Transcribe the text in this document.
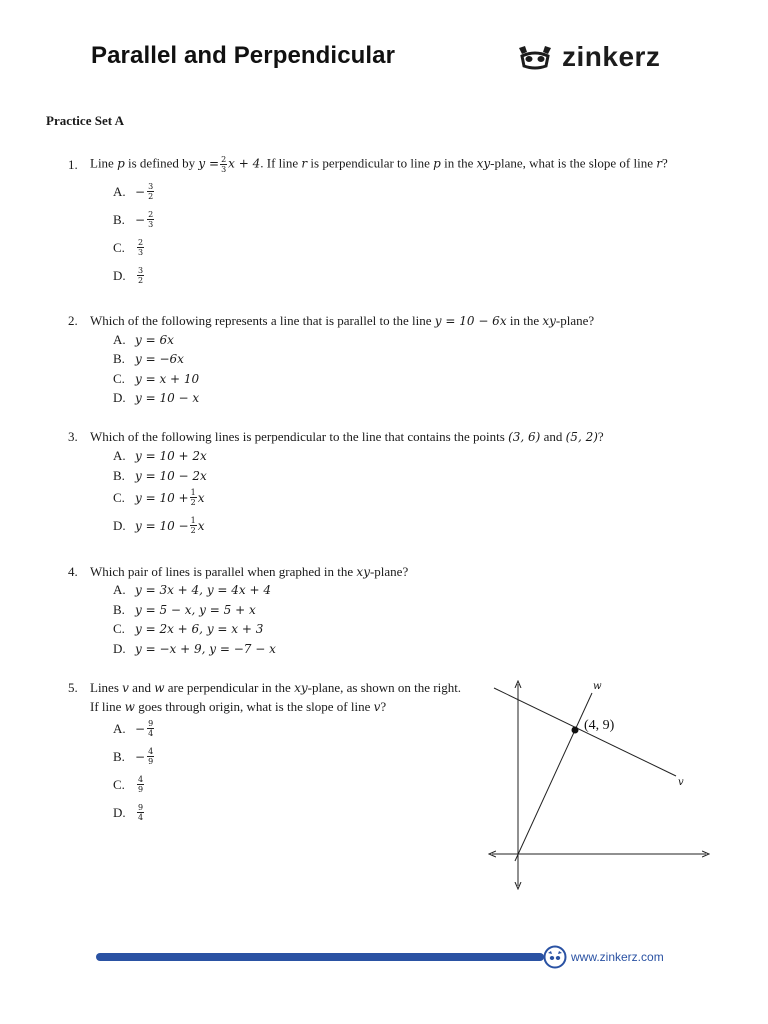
Parallel and Perpendicular	zinkerz
Practice Set A
1. Line p is defined by $y = \frac{2}{3}$ x + 4. If line r is perpendicular to line p in the xy-plane, what is the slope of line r?
A. − $\frac{3}{2}$
B. − $\frac{2}{3}$
C.	$\frac{2}{3}$
D.	$\frac{3}{2}$
2. Which of the following represents a line that is parallel to the line y = 10 − 6x in the xy-plane?
A. y = 6x
B. y = −6x
C. y = x + 10
D. y = 10 − x
3. Which of the following lines is perpendicular to the line that contains the points (3, 6) and (5, 2)?
A. y = 10 + 2x
B. y = 10 − 2x
C. $y = 10 + \frac{1}{2}$ x
D. $y = 10 - \frac{1}{2}$ x
4. Which pair of lines is parallel when graphed in the xy-plane?
A. y = 3x + 4, y = 4x + 4
B. y = 5 − x, y = 5 + x
C. y = 2x + 6, y = x + 3
D. y = −x + 9, y = −7 − x
5. Lines v and w are perpendicular in the xy-plane, as shown on the right.
If line w goes through origin, what is the slope of line v?
A. − $\frac{9}{4}$
B. − $\frac{4}{9}$
C.	$\frac{4}{9}$
D.	$\frac{9}{4}$
(4, 9)
w
v
www.zinkerz.com
